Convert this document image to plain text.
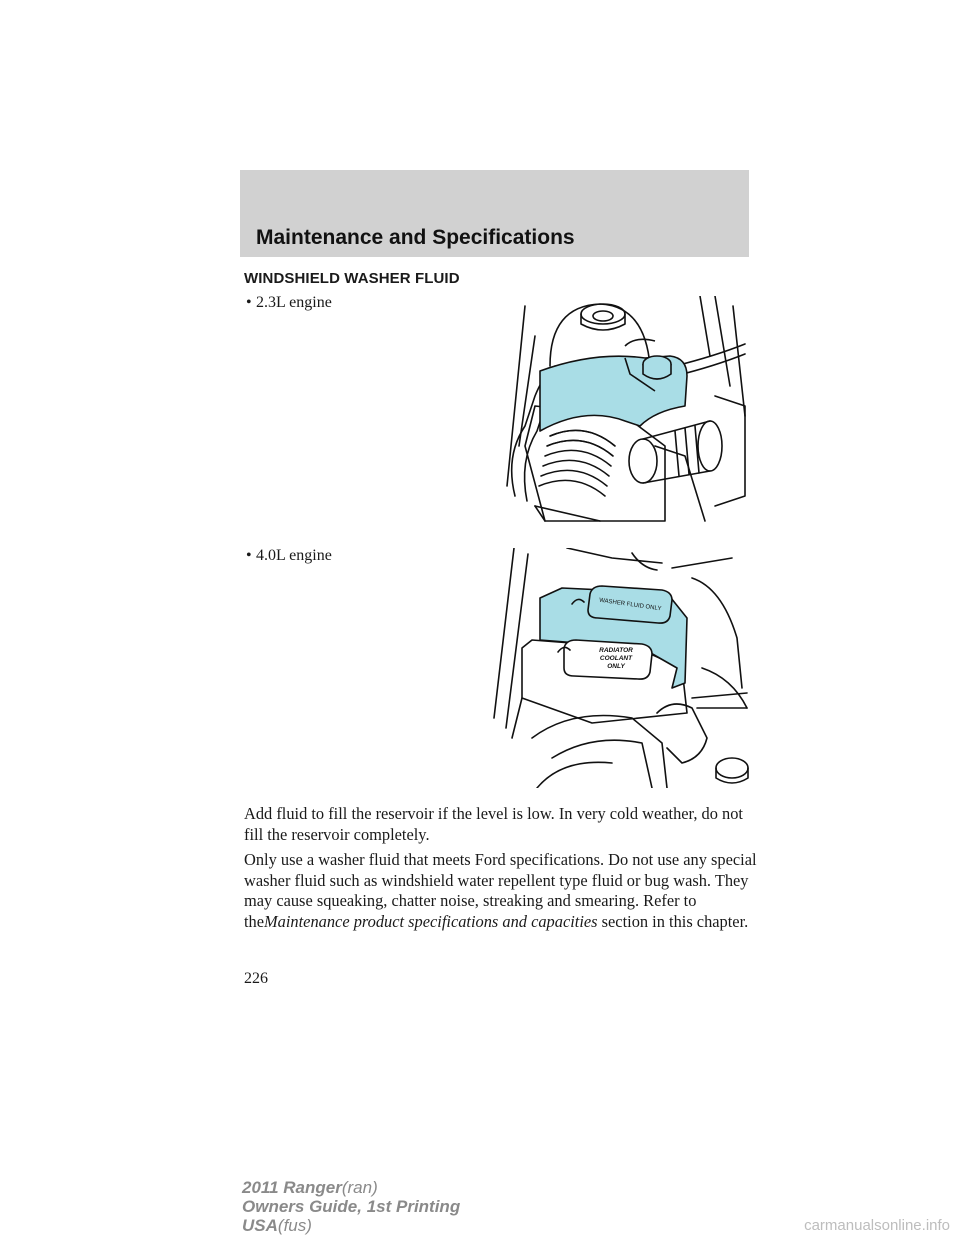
Maintenance and Specifications
WINDSHIELD WASHER FLUID
• 2.3L engine
• 4.0L engine
WASHER FLUID ONLY
RADIATOR
COOLANT
ONLY

Add fluid to fill the reservoir if the level is low. In very cold weather, do not fill the reservoir completely.

Only use a washer fluid that meets Ford specifications. Do not use any special washer fluid such as windshield water repellent type fluid or bug wash. They may cause squeaking, chatter noise, streaking and smearing. Refer to theMaintenance product specifications and capacities section in this chapter.

226
2011 Ranger(ran)
Owners Guide, 1st Printing
USA(fus)	carmanualsonline.info
